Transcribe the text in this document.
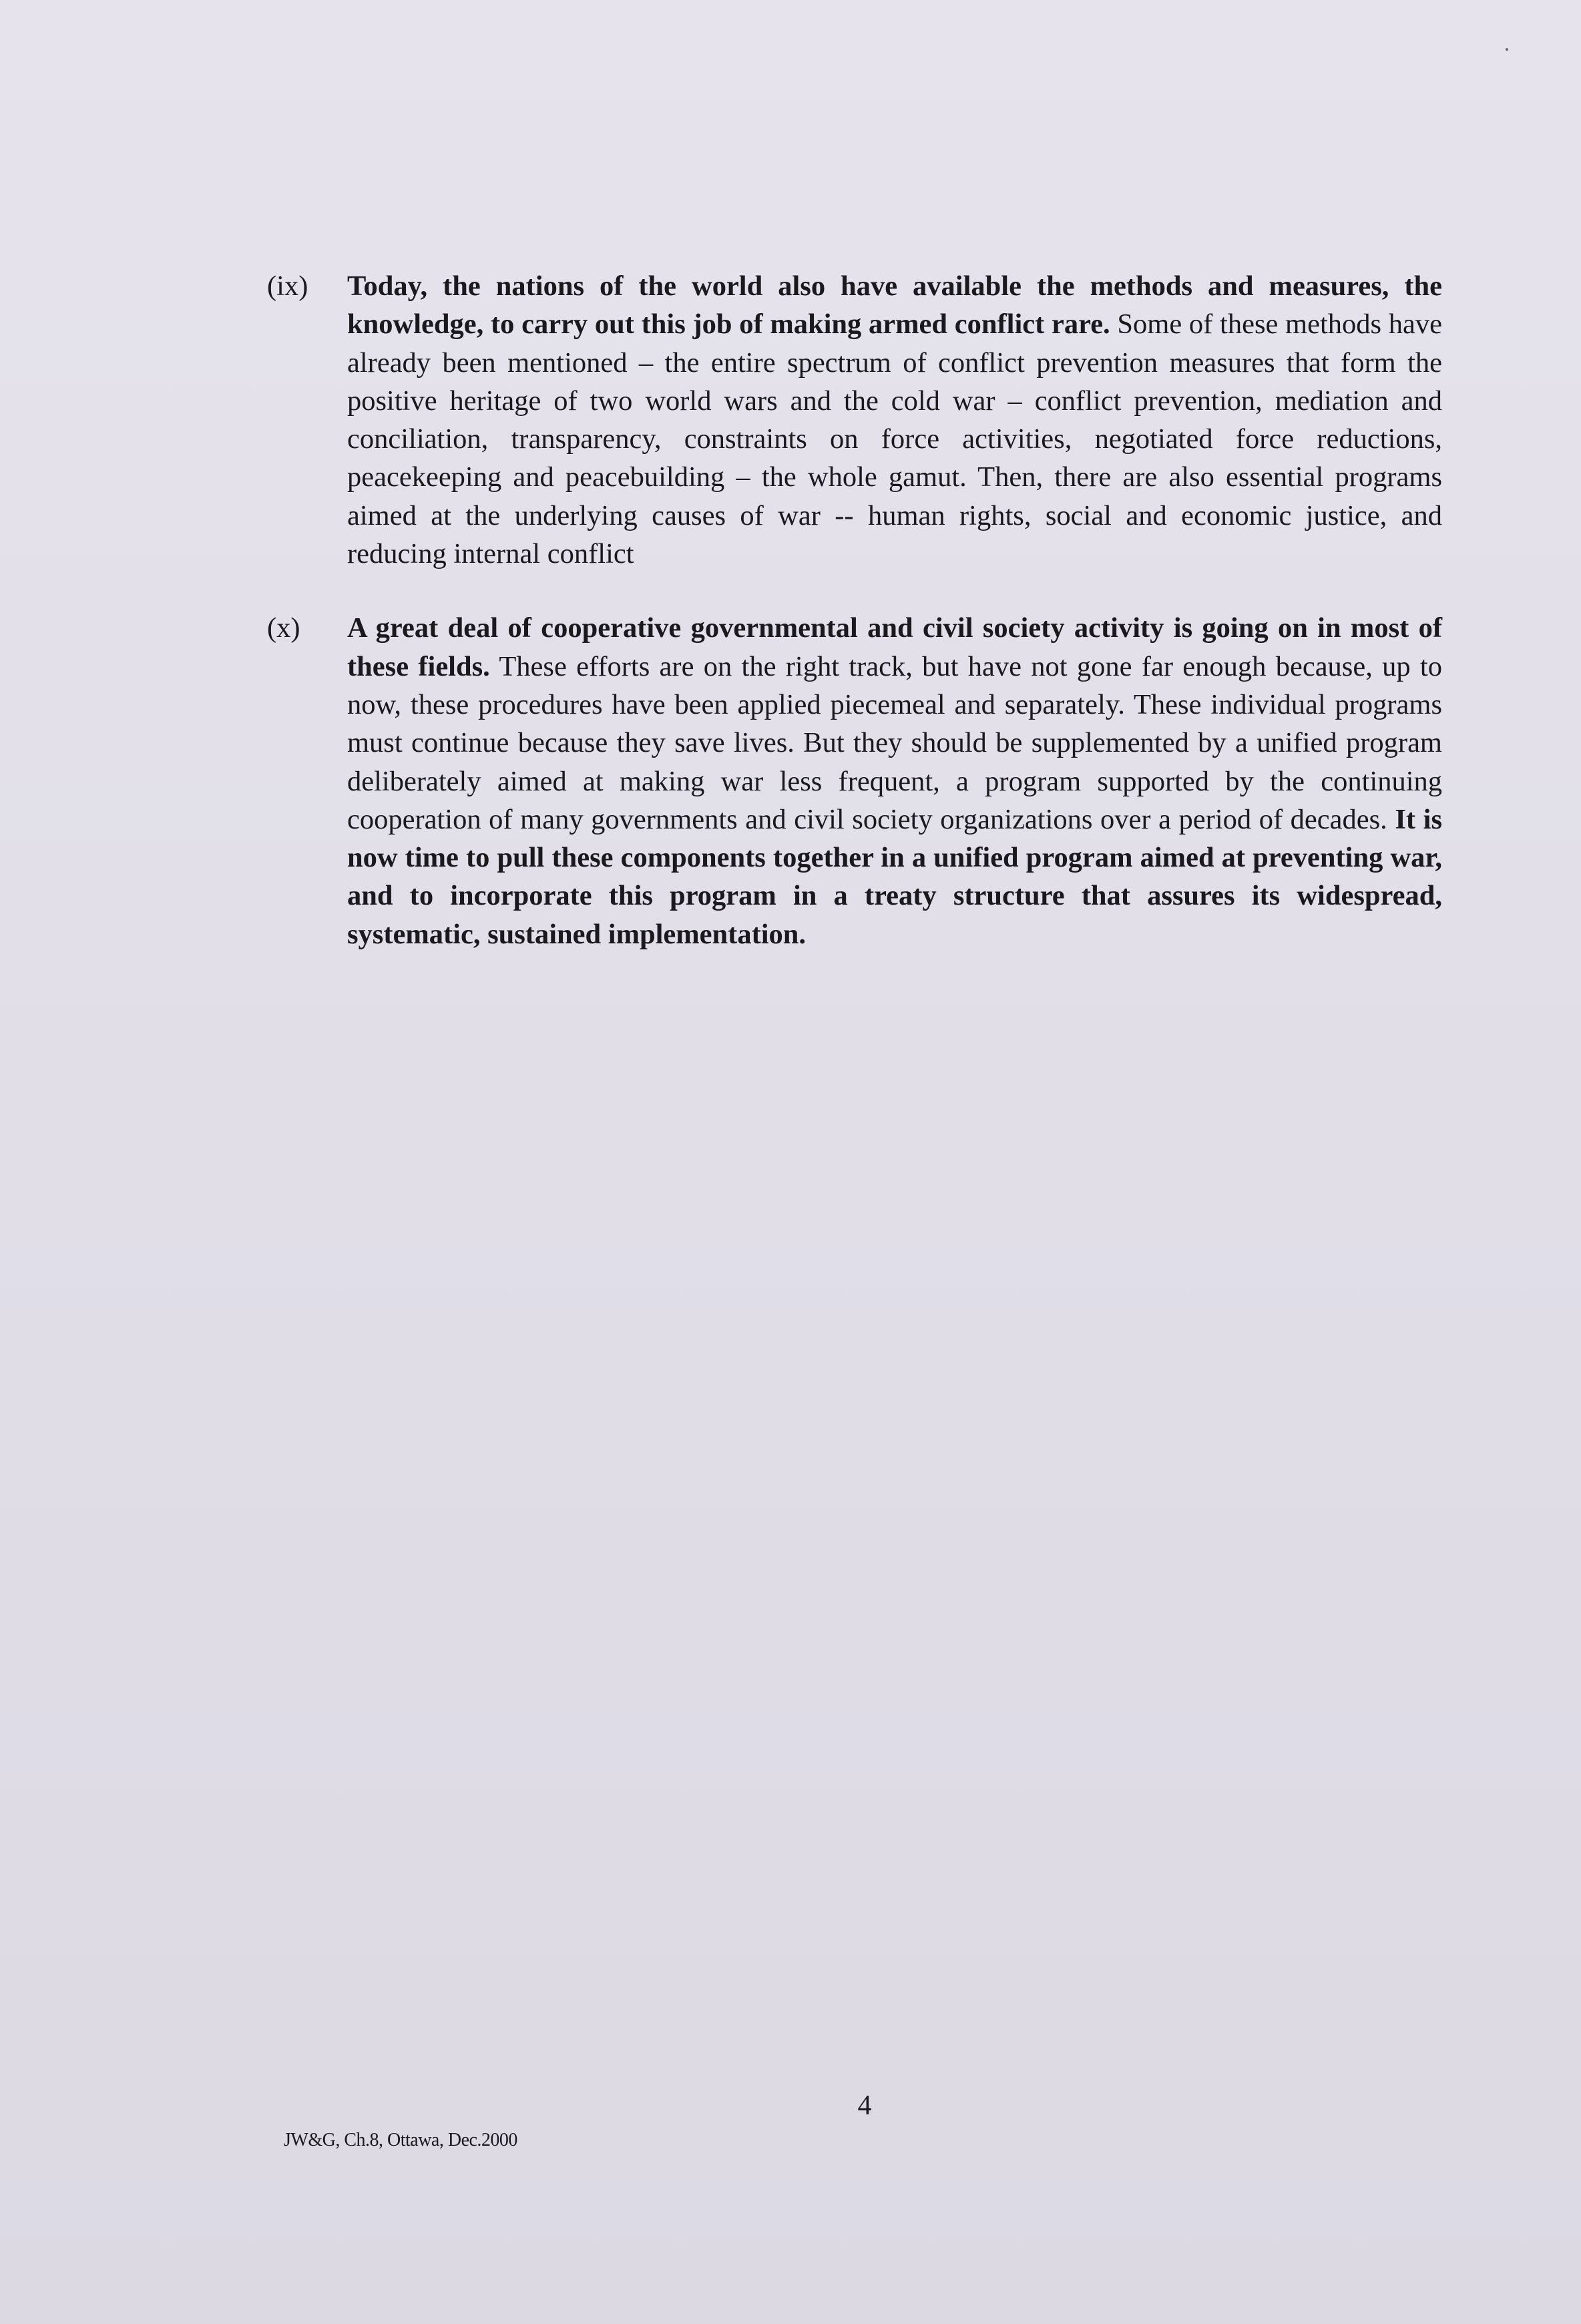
(ix) Today, the nations of the world also have available the methods and measures, the knowledge, to carry out this job of making armed conflict rare. Some of these methods have already been mentioned – the entire spectrum of conflict prevention measures that form the positive heritage of two world wars and the cold war – conflict prevention, mediation and conciliation, transparency, constraints on force activities, negotiated force reductions, peacekeeping and peacebuilding – the whole gamut. Then, there are also essential programs aimed at the underlying causes of war -- human rights, social and economic justice, and reducing internal conflict
(x) A great deal of cooperative governmental and civil society activity is going on in most of these fields. These efforts are on the right track, but have not gone far enough because, up to now, these procedures have been applied piecemeal and separately. These individual programs must continue because they save lives. But they should be supplemented by a unified program deliberately aimed at making war less frequent, a program supported by the continuing cooperation of many governments and civil society organizations over a period of decades. It is now time to pull these components together in a unified program aimed at preventing war, and to incorporate this program in a treaty structure that assures its widespread, systematic, sustained implementation.
4
JW&G, Ch.8, Ottawa, Dec.2000
